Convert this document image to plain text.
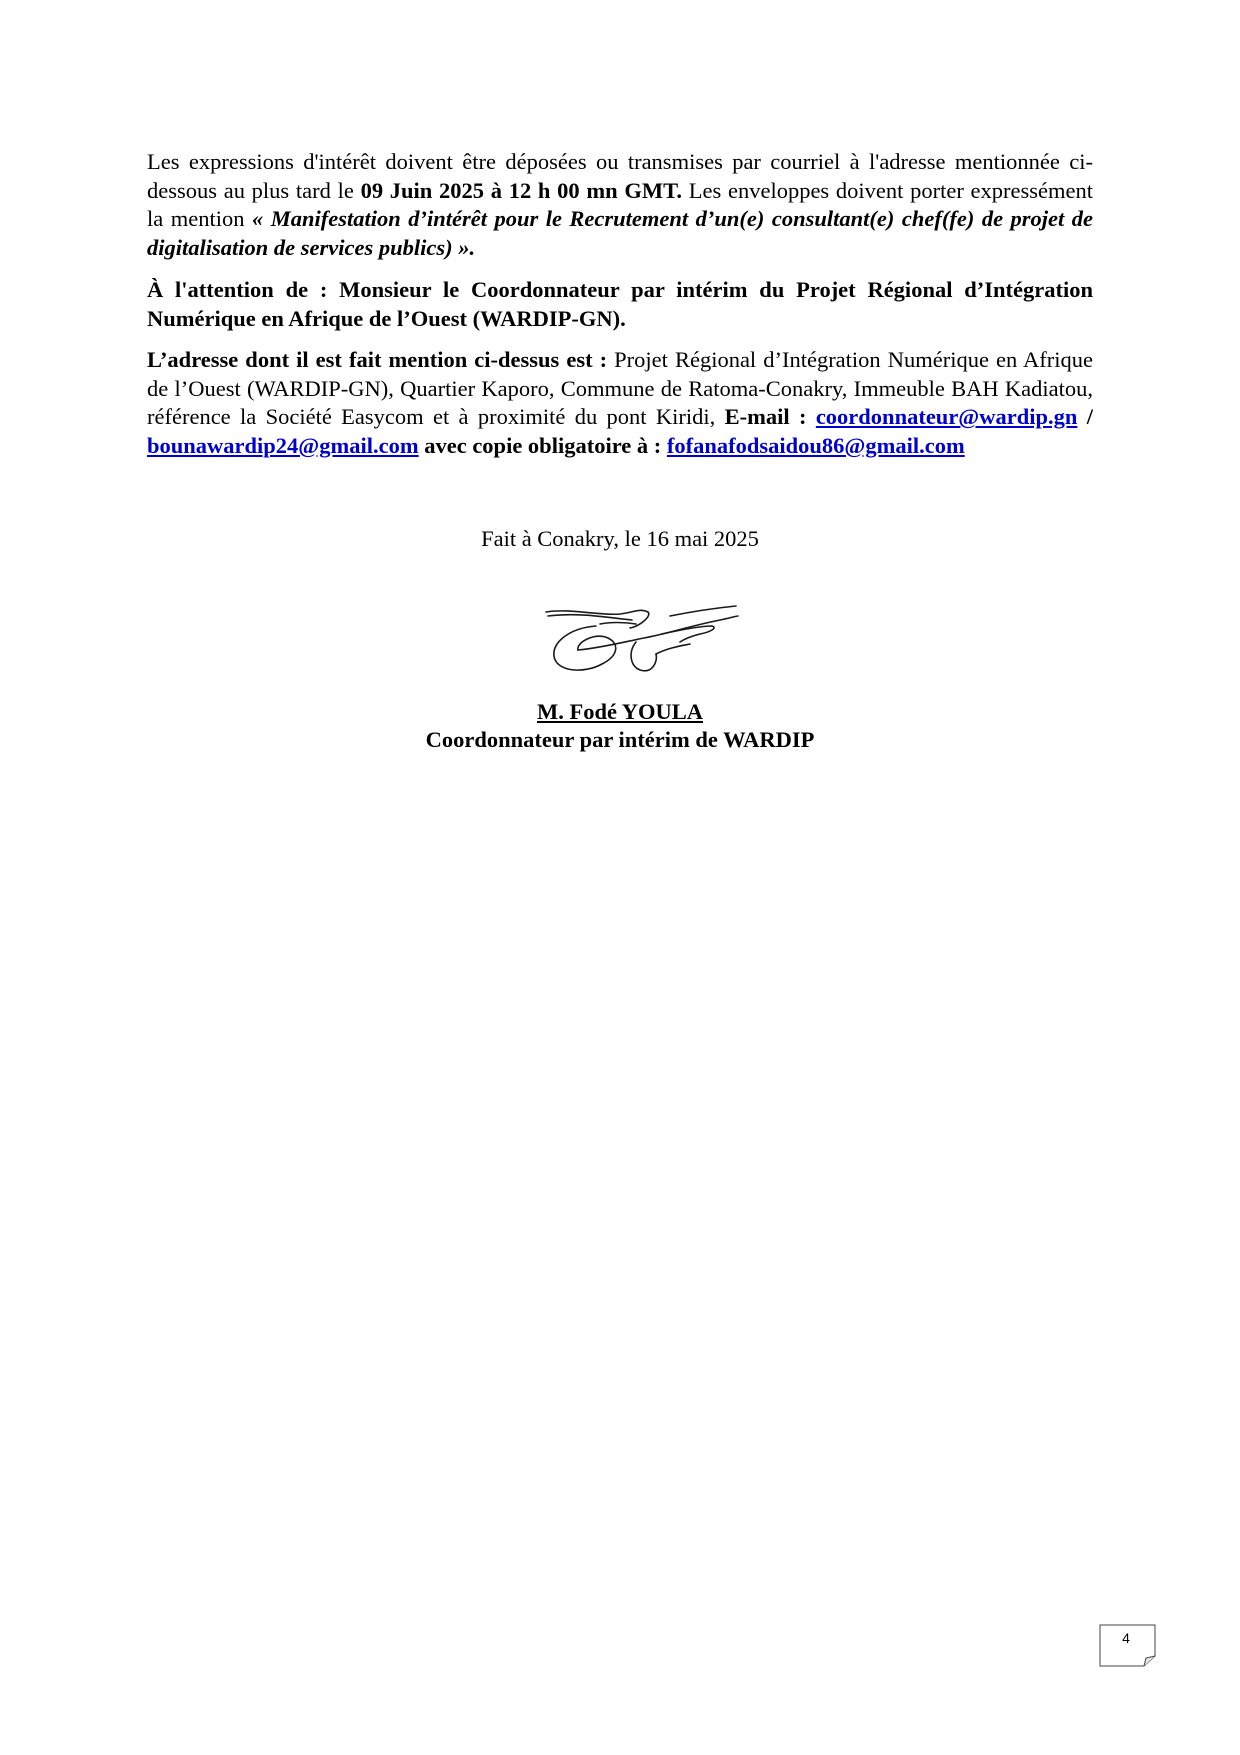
Les expressions d'intérêt doivent être déposées ou transmises par courriel à l'adresse mentionnée ci-dessous au plus tard le 09 Juin 2025 à 12 h 00 mn GMT. Les enveloppes doivent porter expressément la mention « Manifestation d’intérêt pour le Recrutement d’un(e) consultant(e) chef(fe) de projet de digitalisation de services publics) ».

À l'attention de : Monsieur le Coordonnateur par intérim du Projet Régional d’Intégration Numérique en Afrique de l’Ouest (WARDIP-GN).

L’adresse dont il est fait mention ci-dessus est : Projet Régional d’Intégration Numérique en Afrique de l’Ouest (WARDIP-GN), Quartier Kaporo, Commune de Ratoma-Conakry, Immeuble BAH Kadiatou, référence la Société Easycom et à proximité du pont Kiridi, E-mail : coordonnateur@wardip.gn / bounawardip24@gmail.com avec copie obligatoire à : fofanafodsaidou86@gmail.com

Fait à Conakry, le 16 mai 2025
M. Fodé YOULA
Coordonnateur par intérim de WARDIP
4
